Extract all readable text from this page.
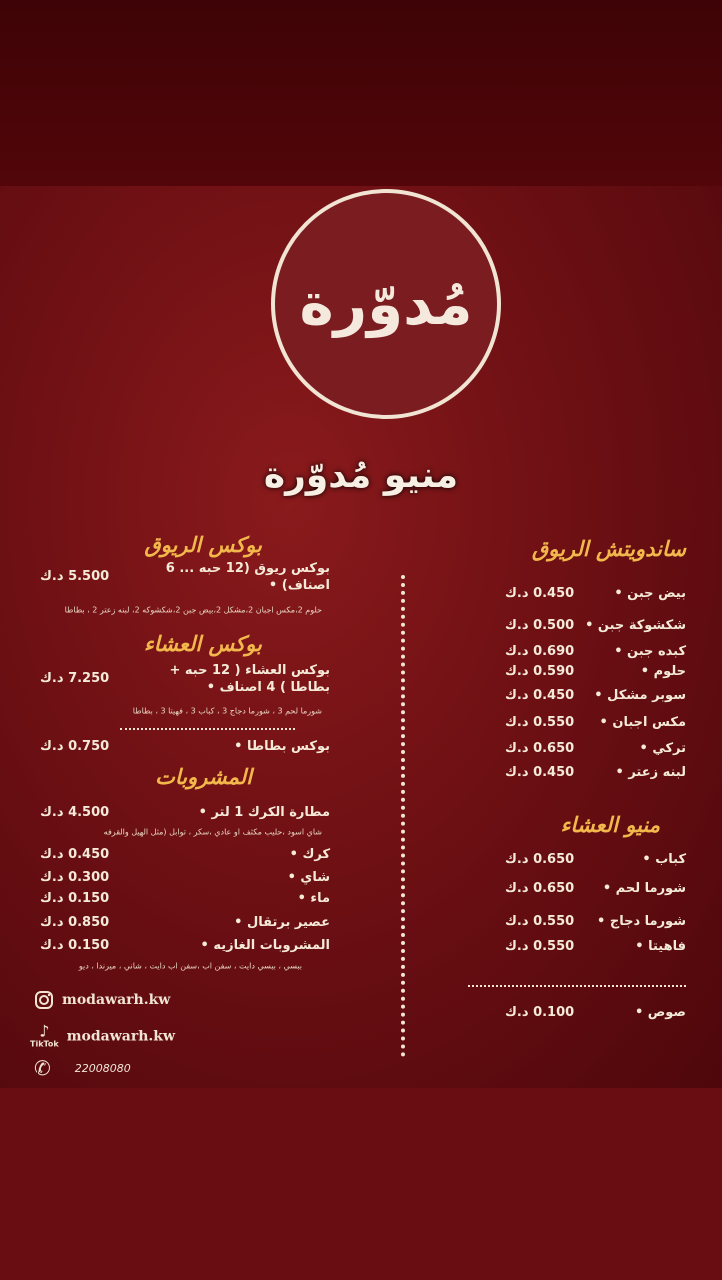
مُدوّرة
منيو مُدوّرة
ساندويتش الريوق
بيض جبن •
0.450 د.ك
شكشوكة جبن •
0.500 د.ك
كبده جبن •
0.690 د.ك
حلوم •
0.590 د.ك
سوبر مشكل •
0.450 د.ك
مكس اجبان •
0.550 د.ك
تركي •
0.650 د.ك
لبنه زعتر •
0.450 د.ك
منيو العشاء
كباب •
0.650 د.ك
شورما لحم •
0.650 د.ك
شورما دجاج •
0.550 د.ك
فاهيتا •
0.550 د.ك
صوص •
0.100 د.ك
بوكس الريوق
بوكس ريوق (12 حبه ... 6 اصناف) •
5.500 د.ك
حلوم 2،مكس اجبان 2،مشكل 2،بيض جبن 2،شكشوكه 2، لبنه زعتر 2 ، بطاطا
بوكس العشاء
بوكس العشاء ( 12 حبه + بطاطا ) 4 اصناف •
7.250 د.ك
شورما لحم 3 ، شورما دجاج 3 ، كباب 3 ، فهيتا 3 ، بطاطا
بوكس بطاطا •
0.750 د.ك
المشروبات
مطارة الكرك 1 لتر •
4.500 د.ك
شاي اسود ،حليب مكثف او عادي ،سكر ، توابل (مثل الهيل والقرفه
كرك •
0.450 د.ك
شاي •
0.300 د.ك
ماء •
0.150 د.ك
عصير برتقال •
0.850 د.ك
المشروبات الغازيه •
0.150 د.ك
ببسي ، ببسي دايت ، سفن اب ،سفن اب دايت ، شاني ، ميرندا ، ديو
modawarh.kw
♪
TikTok modawarh.kw
✆ 22008080
